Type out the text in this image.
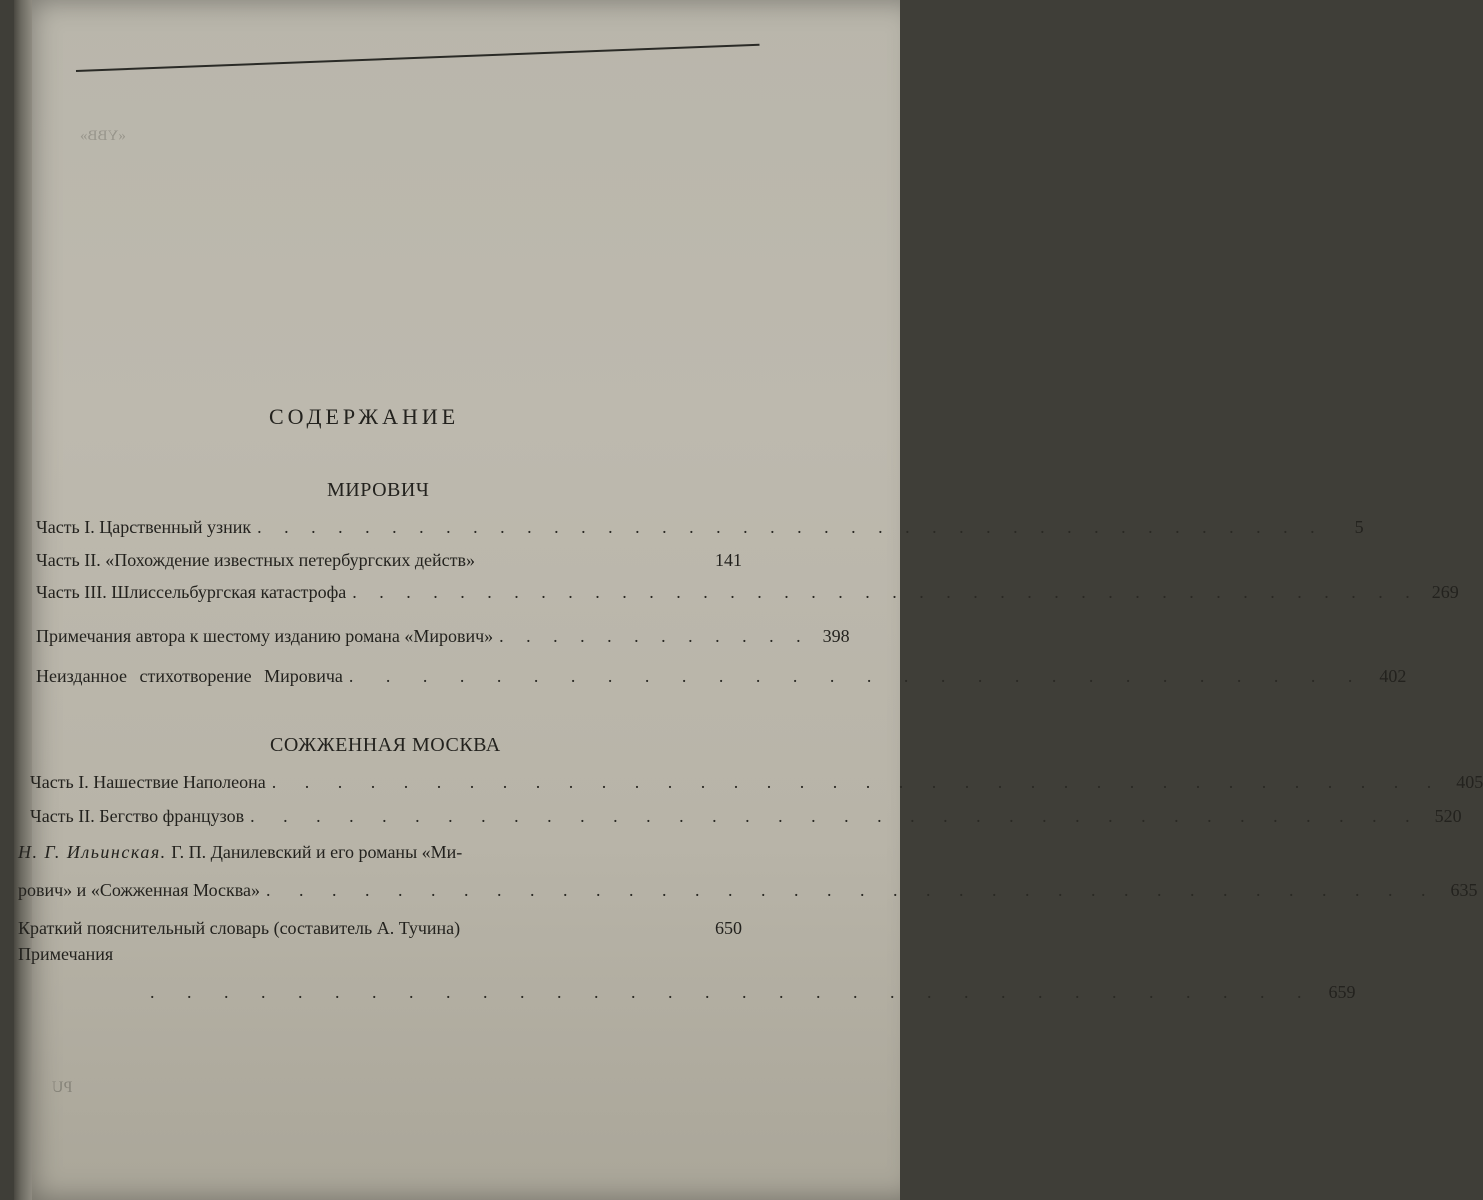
«YBB»
PU
СОДЕРЖАНИЕ
МИРОВИЧ
Часть I. Царственный узник . . . . . . . . . . . . . . . . . . . . . . . . . . . . . . . . . . . . . . . .	5
Часть II. «Похождение известных петербургских действ»	141
Часть III. Шлиссельбургская катастрофа . . . . . . . . . . . . . . . . . . . . . . . . . . . . . . . . . . . . . . . . 269
Примечания автора к шестому изданию романа «Мирович» . . . . . . . . . . . . 398
Неизданное стихотворение Мировича . . . . . . . . . . . . . . . . . . . . . . . . . . . . 402
СОЖЖЕННАЯ МОСКВА
Часть I. Нашествие Наполеона . . . . . . . . . . . . . . . . . . . . . . . . . . . . . . . . . . . . 405
Часть II. Бегство французов . . . . . . . . . . . . . . . . . . . . . . . . . . . . . . . . . . . . 520
Н. Г. Ильинская. Г. П. Данилевский и его романы «Ми-
рович» и «Сожженная Москва» . . . . . . . . . . . . . . . . . . . . . . . . . . . . . . . . . . . . 635
Краткий пояснительный словарь (составитель А. Тучина)	650
Примечания
. . . . . . . . . . . . . . . . . . . . . . . . . . . . . . . . 659
